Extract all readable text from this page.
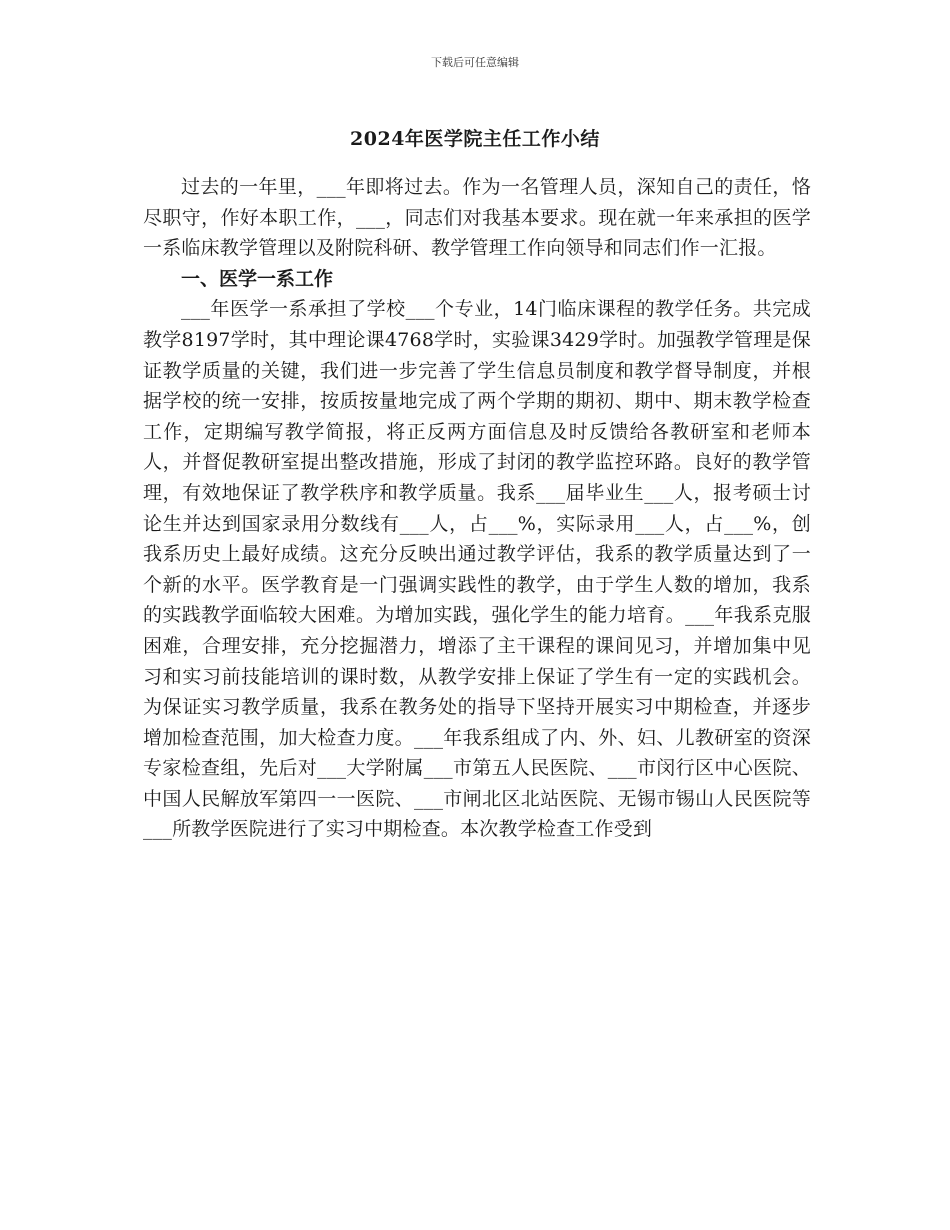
下载后可任意编辑
2024年医学院主任工作小结

过去的一年里，___年即将过去。作为一名管理人员，深知自己的责任，恪尽职守，作好本职工作，___，同志们对我基本要求。现在就一年来承担的医学一系临床教学管理以及附院科研、教学管理工作向领导和同志们作一汇报。

一、医学一系工作

___年医学一系承担了学校___个专业，14门临床课程的教学任务。共完成教学8197学时，其中理论课4768学时，实验课3429学时。加强教学管理是保证教学质量的关键，我们进一步完善了学生信息员制度和教学督导制度，并根据学校的统一安排，按质按量地完成了两个学期的期初、期中、期末教学检查工作，定期编写教学简报，将正反两方面信息及时反馈给各教研室和老师本人，并督促教研室提出整改措施，形成了封闭的教学监控环路。良好的教学管理，有效地保证了教学秩序和教学质量。我系___届毕业生___人，报考硕士讨论生并达到国家录用分数线有___人，占___%，实际录用___人，占___%，创我系历史上最好成绩。这充分反映出通过教学评估，我系的教学质量达到了一个新的水平。医学教育是一门强调实践性的教学，由于学生人数的增加，我系的实践教学面临较大困难。为增加实践，强化学生的能力培育。___年我系克服困难，合理安排，充分挖掘潜力，增添了主干课程的课间见习，并增加集中见习和实习前技能培训的课时数，从教学安排上保证了学生有一定的实践机会。为保证实习教学质量，我系在教务处的指导下坚持开展实习中期检查，并逐步增加检查范围，加大检查力度。___年我系组成了内、外、妇、儿教研室的资深专家检查组，先后对___大学附属___市第五人民医院、___市闵行区中心医院、中国人民解放军第四一一医院、___市闸北区北站医院、无锡市锡山人民医院等___所教学医院进行了实习中期检查。本次教学检查工作受到
